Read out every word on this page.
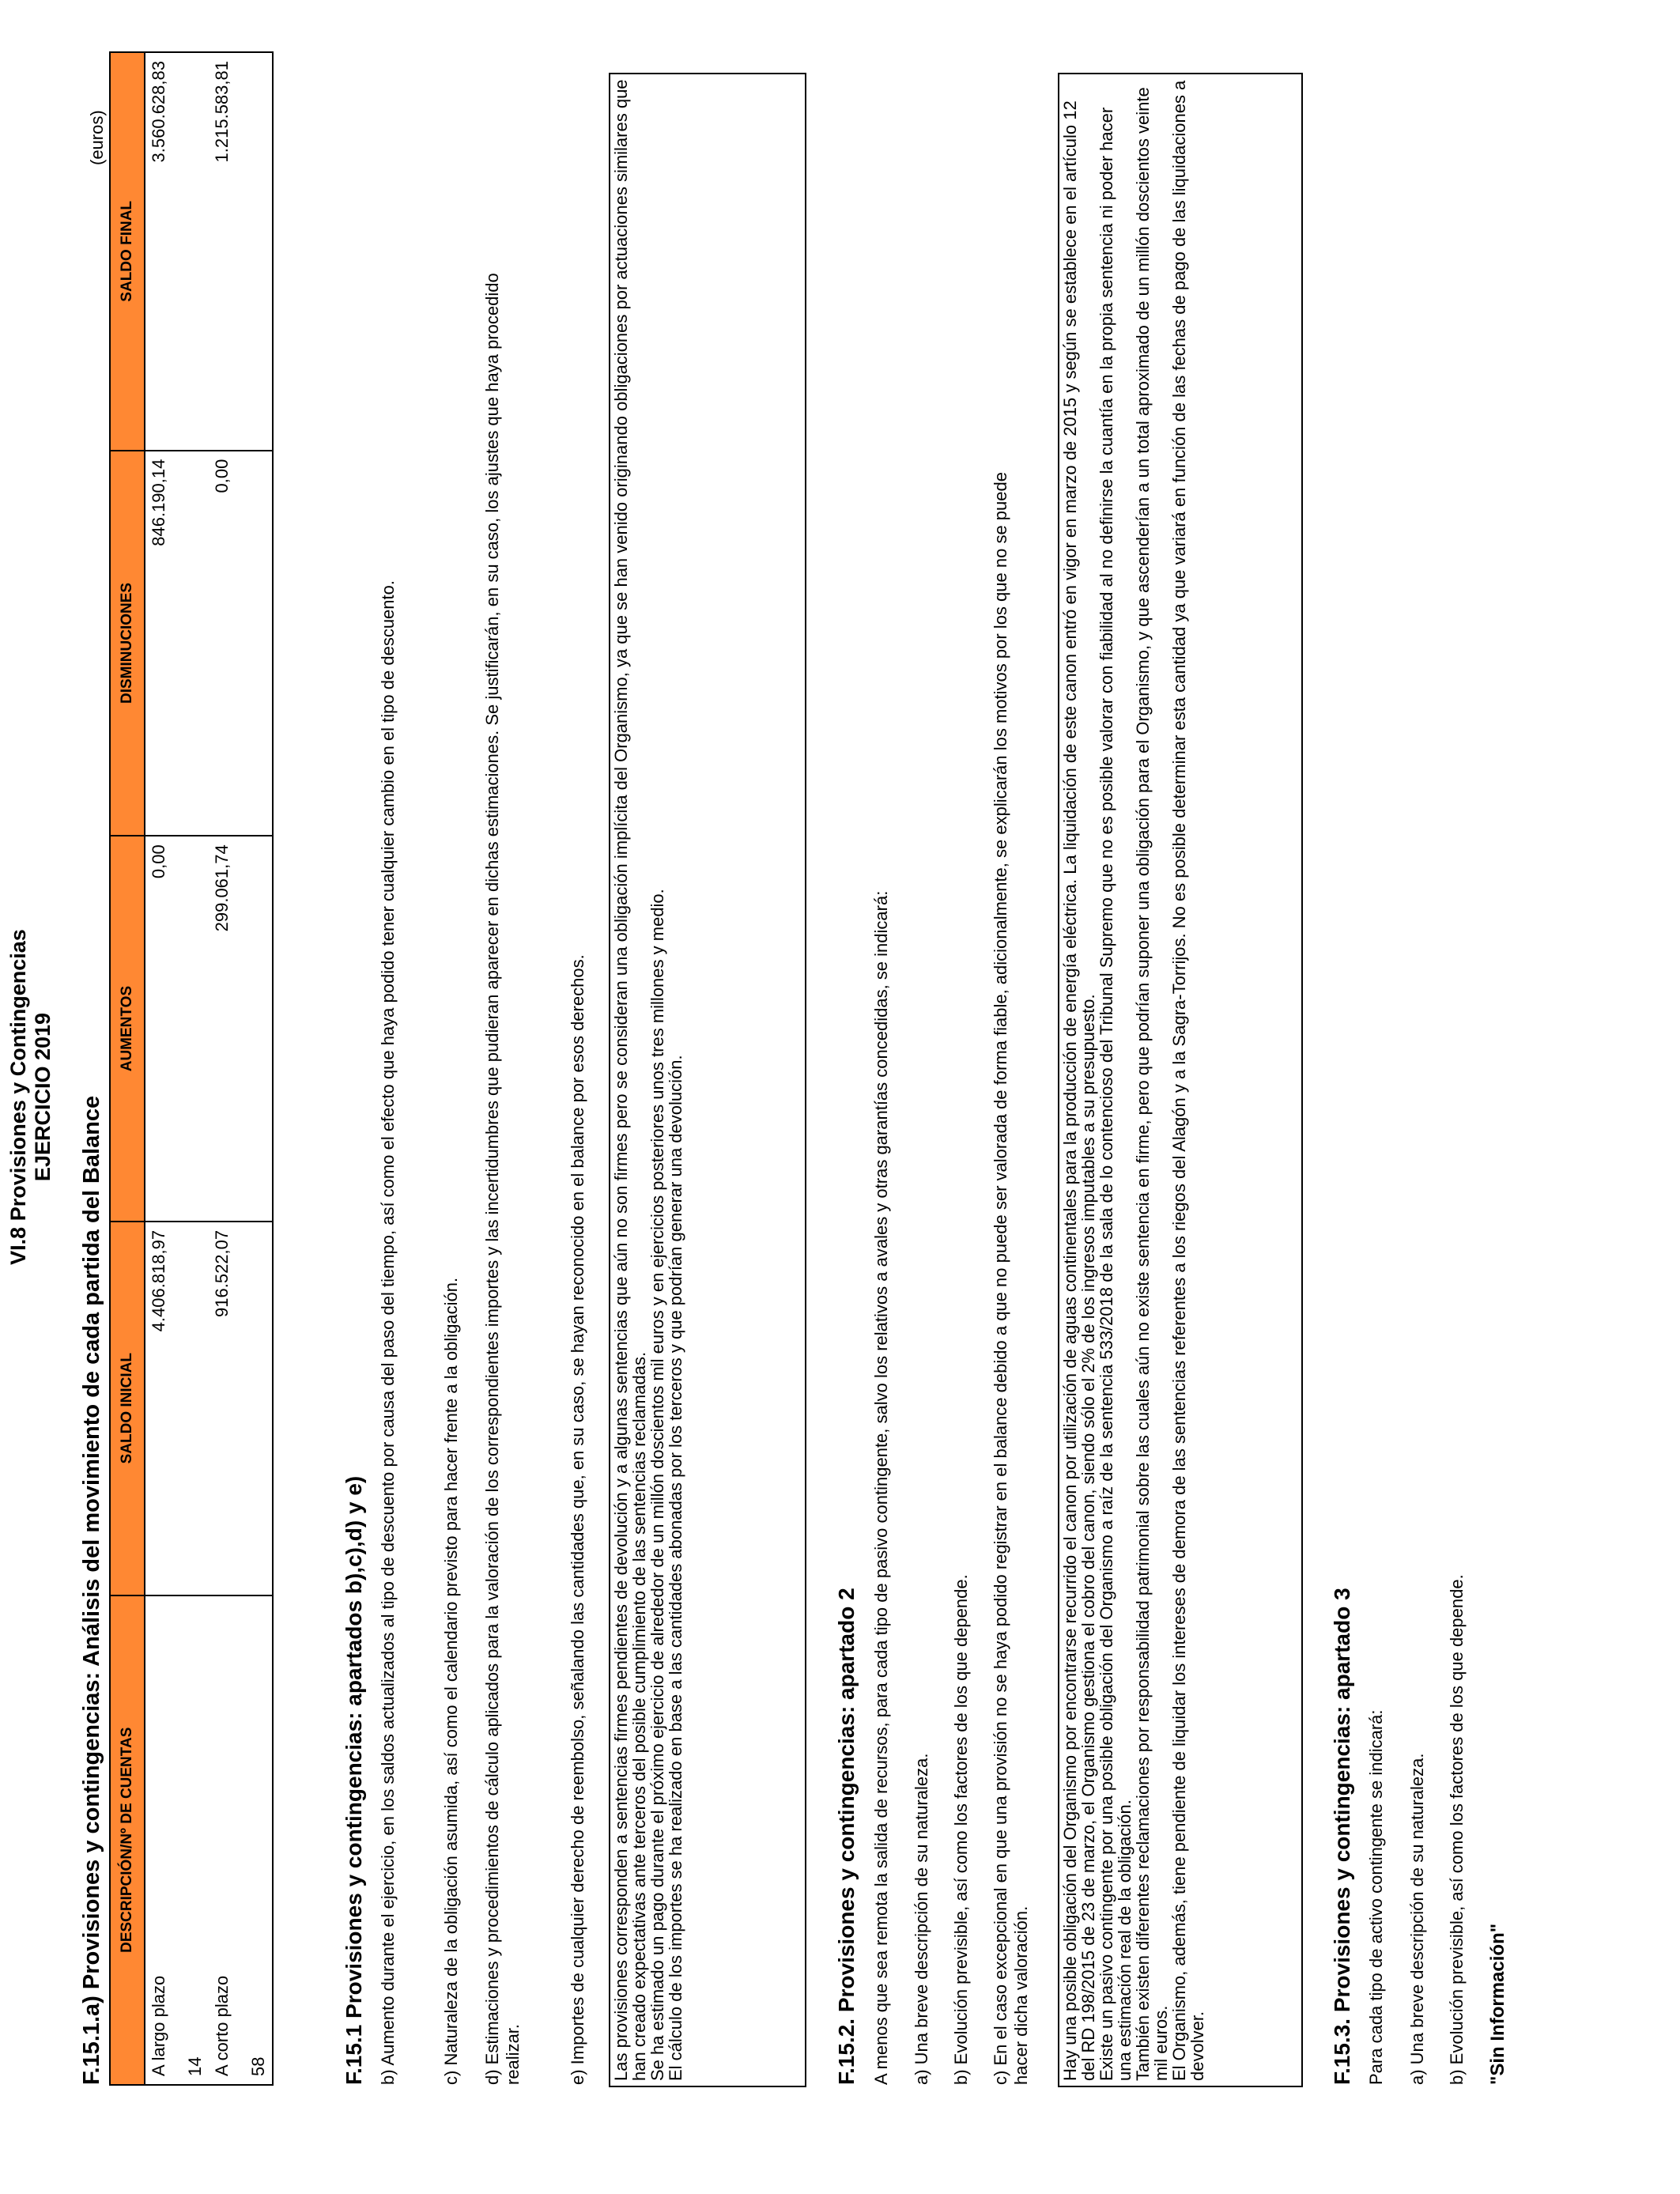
VI.8 Provisiones y Contingencias EJERCICIO 2019 F.15.1.a) Provisiones y contingencias: Análisis del movimiento de cada partida del Balance
(euros)
DESCRIPCIÓN/Nº DE CUENTAS	SALDO INICIAL	AUMENTOS	DISMINUCIONES	SALDO FINAL

A largo plazo 14	4.406.818,97	0,00	846.190,14	3.560.628,83

A corto plazo 58	916.522,07	299.061,74	0,00	1.215.583,81
F.15.1 Provisiones y contingencias: apartados b),c),d) y e) b) Aumento durante el ejercicio, en los saldos actualizados al tipo de descuento por causa del paso del tiempo, así como el efecto que haya podido tener cualquier cambio en el tipo de descuento.	c) Naturaleza de la obligación asumida, así como el calendario previsto para hacer frente a la obligación. d) Estimaciones y procedimientos de cálculo aplicados para la valoración de los correspondientes importes y las incertidumbres que pudieran aparecer en dichas estimaciones. Se justificarán, en su caso, los ajustes que haya procedido realizar.	e) Importes de cualquier derecho de reembolso, señalando las cantidades que, en su caso, se hayan reconocido en el balance por esos derechos. Las provisiones corresponden a sentencias firmes pendientes de devolución y a algunas sentencias que aún no son firmes pero se consideran una obligación implícita del Organismo, ya que se han venido originando obligaciones por actuaciones similares que han creado expectativas ante terceros del posible cumplimiento de las sentencias reclamadas.

Se ha estimado un pago durante el próximo ejercicio de alrededor de un millón doscientos mil euros y en ejercicios posteriores unos tres millones y medio.

El cálculo de los importes se ha realizado en base a las cantidades abonadas por los terceros y que podrían generar una devolución.	F.15.2. Provisiones y contingencias: apartado 2 A menos que sea remota la salida de recursos, para cada tipo de pasivo contingente, salvo los relativos a avales y otras garantías concedidas, se indicará: a) Una breve descripción de su naturaleza. b) Evolución previsible, así como los factores de los que depende. c) En el caso excepcional en que una provisión no se haya podido registrar en el balance debido a que no puede ser valorada de forma fiable, adicionalmente, se explicarán los motivos por los que no se puede hacer dicha valoración. Hay una posible obligación del Organismo por encontrarse recurrido el canon por utilización de aguas continentales para la producción de energía eléctrica. La liquidación de este canon entró en vigor en marzo de 2015 y según se establece en el artículo 12 del RD 198/2015 de 23 de marzo, el Organismo gestiona el cobro del canon, siendo sólo el 2% de los ingresos imputables a su presupuesto.

Existe un pasivo contingente por una posible obligación del Organismo a raíz de la sentencia 533/2018 de la sala de lo contencioso del Tribunal Supremo que no es posible valorar con fiabilidad al no definirse la cuantía en la propia sentencia ni poder hacer una estimación real de la obligación.

También existen diferentes reclamaciones por responsabilidad patrimonial sobre las cuales aún no existe sentencia en firme, pero que podrían suponer una obligación para el Organismo, y que ascenderían a un total aproximado de un millón doscientos veinte mil euros.

El Organismo, además, tiene pendiente de liquidar los intereses de demora de las sentencias referentes a los riegos del Alagón y a la Sagra-Torrijos. No es posible determinar esta cantidad ya que variará en función de las fechas de pago de las liquidaciones a devolver.	F.15.3. Provisiones y contingencias: apartado 3 Para cada tipo de activo contingente se indicará: a) Una breve descripción de su naturaleza. b) Evolución previsible, así como los factores de los que depende. "Sin Información"
